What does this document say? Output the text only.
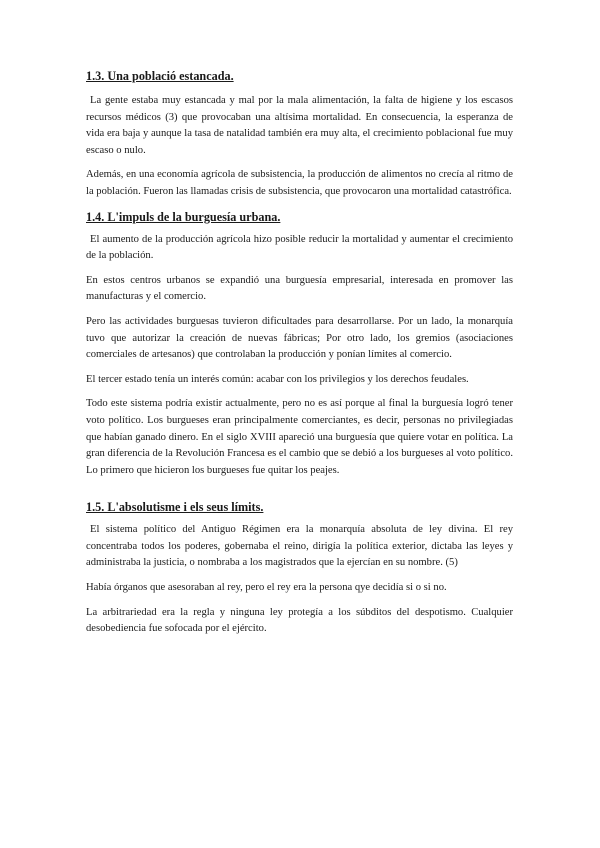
1.3. Una població estancada.

La gente estaba muy estancada y mal por la mala alimentación, la falta de higiene y los escasos recursos médicos (3) que provocaban una altísima mortalidad. En consecuencia, la esperanza de vida era baja y aunque la tasa de natalidad también era muy alta, el crecimiento poblacional fue muy escaso o nulo.

Además, en una economía agrícola de subsistencia, la producción de alimentos no crecía al ritmo de la población. Fueron las llamadas crisis de subsistencia, que provocaron una mortalidad catastrófica.

1.4. L'impuls de la burguesía urbana.

El aumento de la producción agrícola hizo posible reducir la mortalidad y aumentar el crecimiento de la población.

En estos centros urbanos se expandió una burguesía empresarial, interesada en promover las manufacturas y el comercio.

Pero las actividades burguesas tuvieron dificultades para desarrollarse. Por un lado, la monarquía tuvo que autorizar la creación de nuevas fábricas; Por otro lado, los gremios (asociaciones comerciales de artesanos) que controlaban la producción y ponían límites al comercio.

El tercer estado tenía un interés común: acabar con los privilegios y los derechos feudales.

Todo este sistema podría existir actualmente, pero no es así porque al final la burguesía logró tener voto político. Los burgueses eran principalmente comerciantes, es decir, personas no privilegiadas que habían ganado dinero. En el siglo XVIII apareció una burguesía que quiere votar en política. La gran diferencia de la Revolución Francesa es el cambio que se debió a los burgueses al voto político. Lo primero que hicieron los burgueses fue quitar los peajes.

1.5. L'absolutisme i els seus límits.

El sistema político del Antiguo Régimen era la monarquía absoluta de ley divina. El rey concentraba todos los poderes, gobernaba el reino, dirigía la política exterior, dictaba las leyes y administraba la justicia, o nombraba a los magistrados que la ejercían en su nombre. (5)

Había órganos que asesoraban al rey, pero el rey era la persona qye decidía si o si no.

La arbitrariedad era la regla y ninguna ley protegía a los súbditos del despotismo. Cualquier desobediencia fue sofocada por el ejército.
